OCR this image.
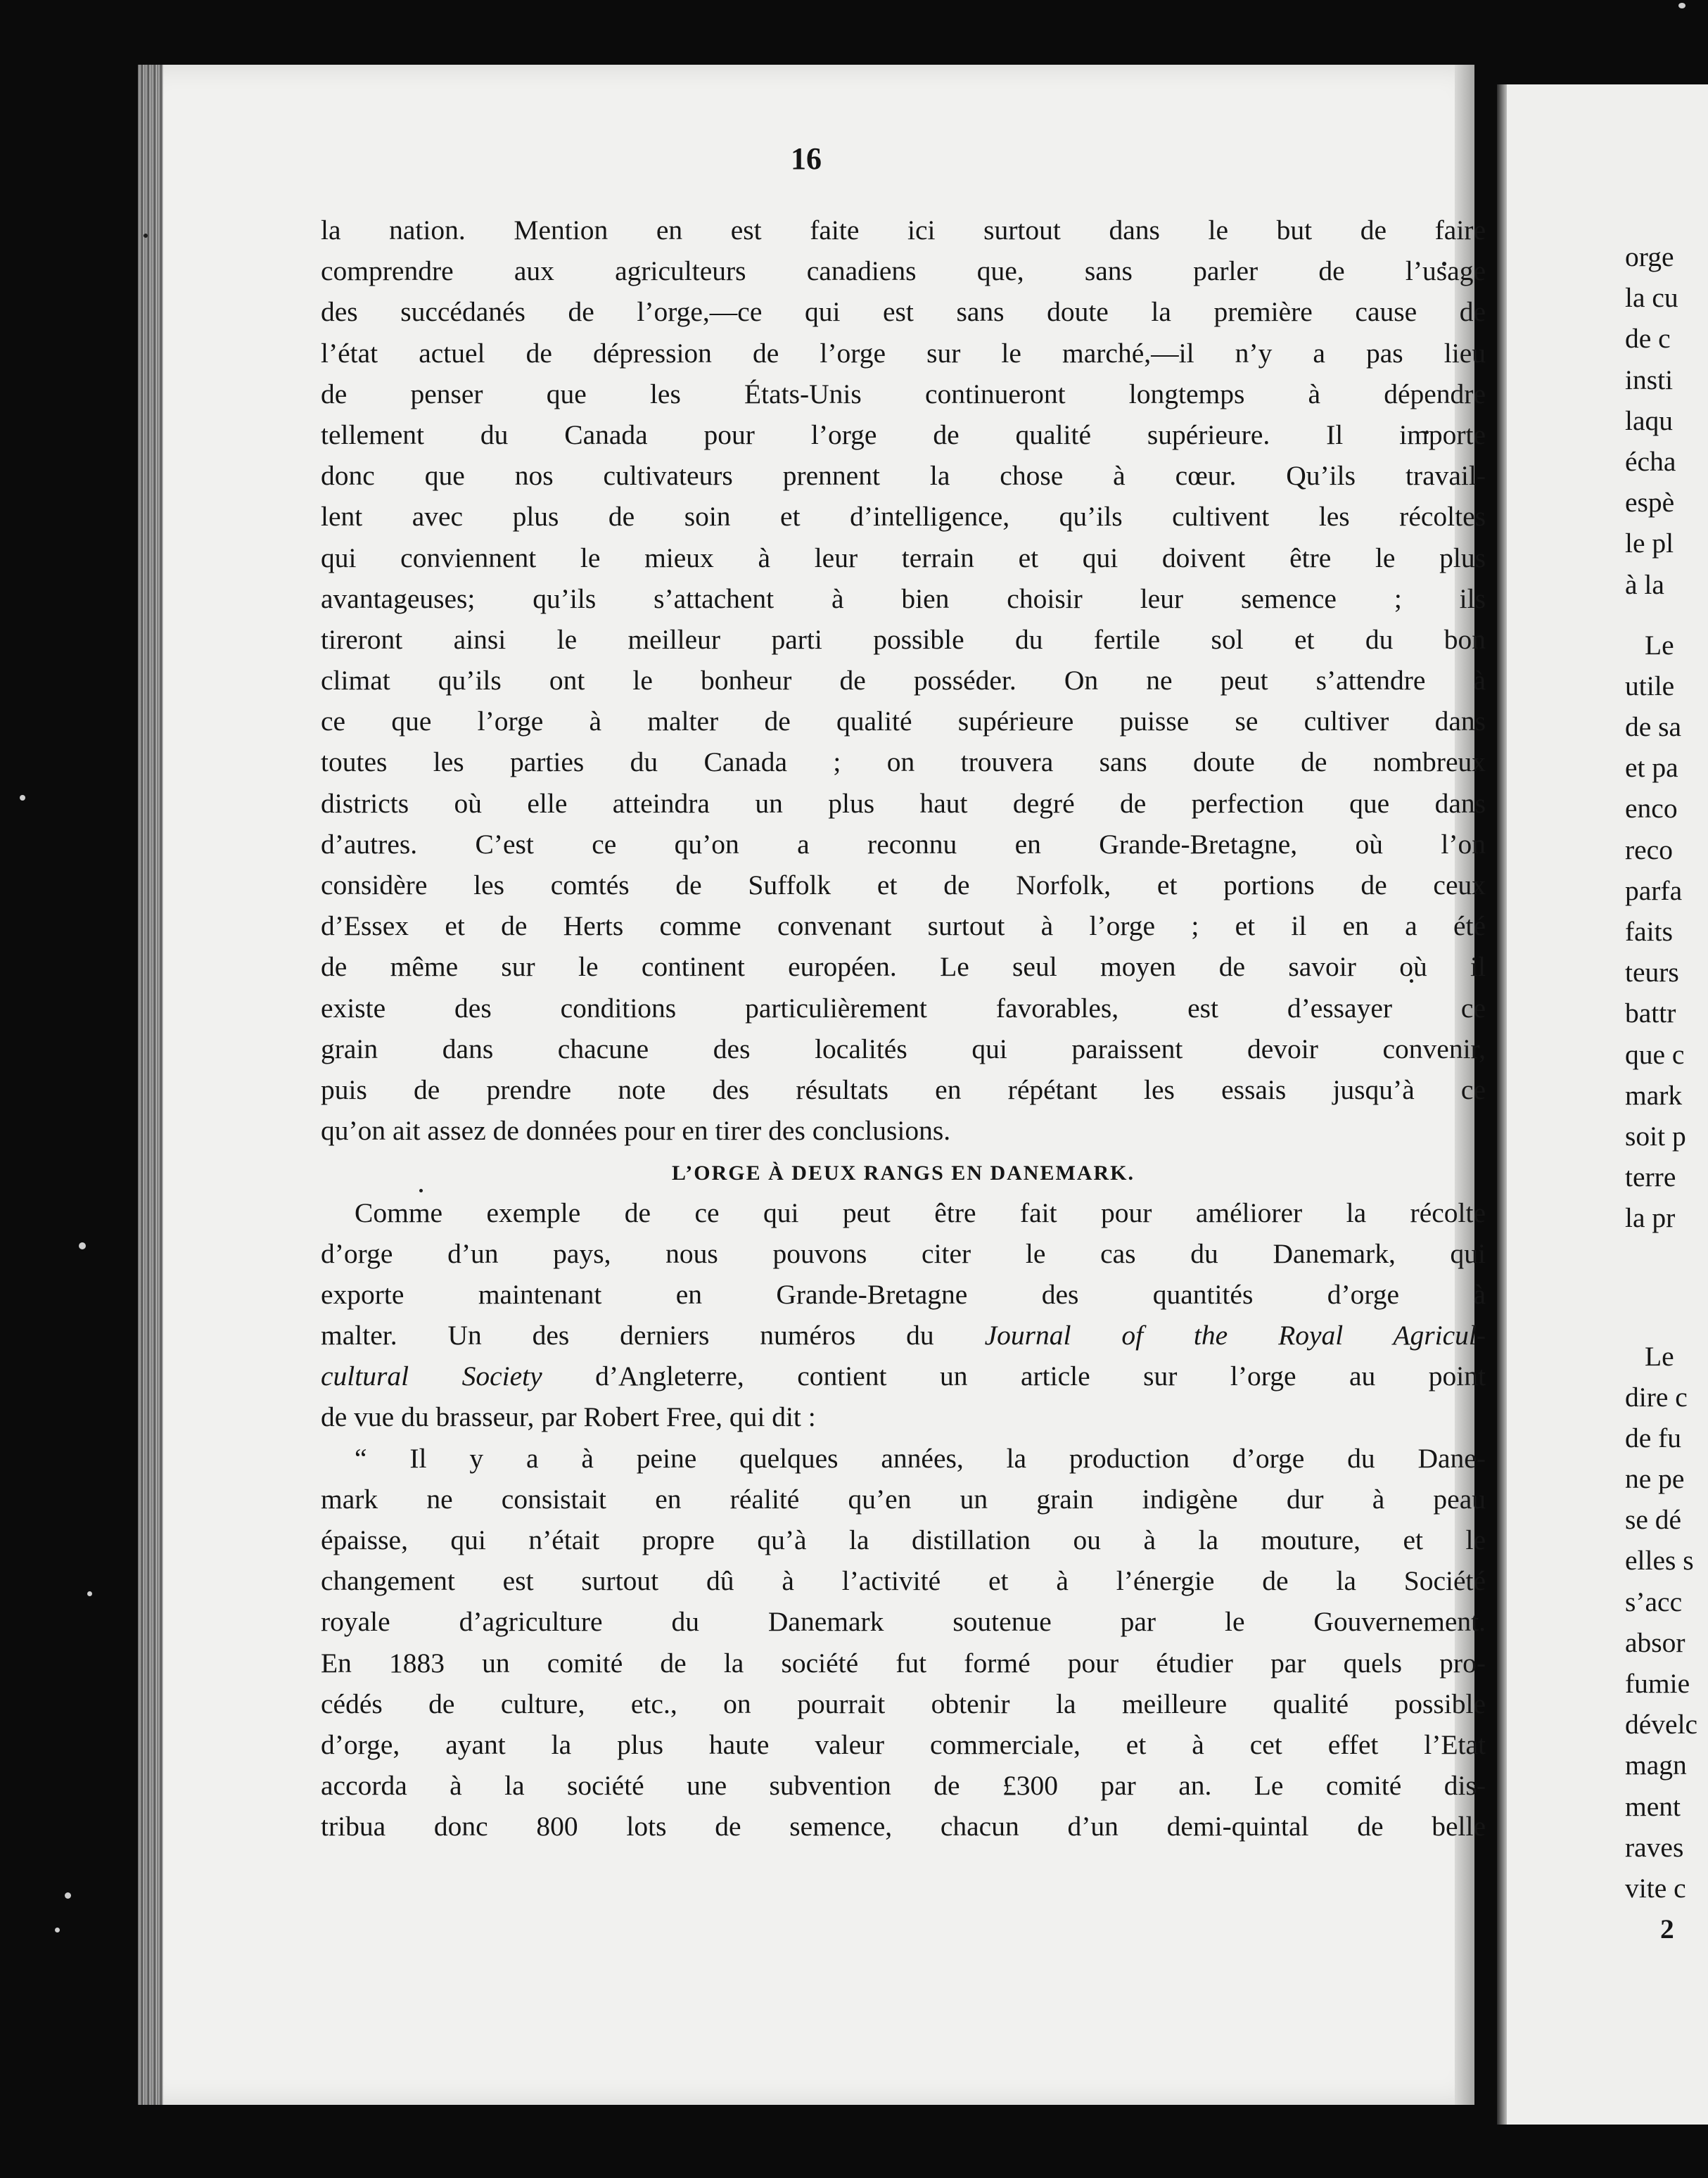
16
la nation. Mention en est faite ici surtout dans le but de faire
comprendre aux agriculteurs canadiens que, sans parler de l’usage
des succédanés de l’orge,—ce qui est sans doute la première cause de
l’état actuel de dépression de l’orge sur le marché,—il n’y a pas lieu
de penser que les États-Unis continueront longtemps à dépendre
tellement du Canada pour l’orge de qualité supérieure. Il importe
donc que nos cultivateurs prennent la chose à cœur. Qu’ils travail-
lent avec plus de soin et d’intelligence, qu’ils cultivent les récoltes
qui conviennent le mieux à leur terrain et qui doivent être le plus
avantageuses; qu’ils s’attachent à bien choisir leur semence ; ils
tireront ainsi le meilleur parti possible du fertile sol et du bon
climat qu’ils ont le bonheur de posséder. On ne peut s’attendre à
ce que l’orge à malter de qualité supérieure puisse se cultiver dans
toutes les parties du Canada ; on trouvera sans doute de nombreux
districts où elle atteindra un plus haut degré de perfection que dans
d’autres. C’est ce qu’on a reconnu en Grande-Bretagne, où l’on
considère les comtés de Suffolk et de Norfolk, et portions de ceux
d’Essex et de Herts comme convenant surtout à l’orge ; et il en a été
de même sur le continent européen. Le seul moyen de savoir où il
existe des conditions particulièrement favorables, est d’essayer ce
grain dans chacune des localités qui paraissent devoir convenir,
puis de prendre note des résultats en répétant les essais jusqu’à ce
qu’on ait assez de données pour en tirer des conclusions.
L’ORGE À DEUX RANGS EN DANEMARK.
Comme exemple de ce qui peut être fait pour améliorer la récolte
d’orge d’un pays, nous pouvons citer le cas du Danemark, qui
exporte maintenant en Grande-Bretagne des quantités d’orge à
malter. Un des derniers numéros du Journal of the Royal Agricul-
cultural Society d’Angleterre, contient un article sur l’orge au point
de vue du brasseur, par Robert Free, qui dit :
“ Il y a à peine quelques années, la production d’orge du Dane-
mark ne consistait en réalité qu’en un grain indigène dur à peau
épaisse, qui n’était propre qu’à la distillation ou à la mouture, et le
changement est surtout dû à l’activité et à l’énergie de la Société
royale d’agriculture du Danemark soutenue par le Gouvernement.
En 1883 un comité de la société fut formé pour étudier par quels pro-
cédés de culture, etc., on pourrait obtenir la meilleure qualité possible
d’orge, ayant la plus haute valeur commerciale, et à cet effet l’Etat
accorda à la société une subvention de £300 par an. Le comité dis-
tribua donc 800 lots de semence, chacun d’un demi-quintal de belle
orge
la cu
de c
insti
laqu
écha
espè
le pl
à la
Le
utile
de sa
et pa
enco
reco
parfa
faits
teurs
battr
que c
mark
soit p
terre
la pr
Le
dire c
de fu
ne pe
se dé
elles s
s’acc
absor
fumie
dévelc
magn
ment
raves
vite c
2
